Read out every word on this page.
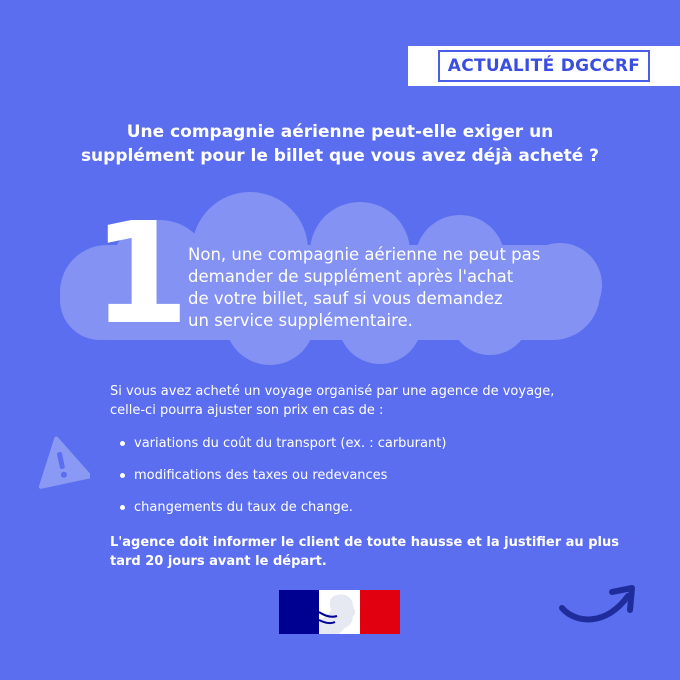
ACTUALITÉ DGCCRF
Une compagnie aérienne peut-elle exiger un
supplément pour le billet que vous avez déjà acheté ?
1
Non, une compagnie aérienne ne peut pas
demander de supplément après l'achat
de votre billet, sauf si vous demandez
un service supplémentaire.
Si vous avez acheté un voyage organisé par une agence de voyage,
celle-ci pourra ajuster son prix en cas de :
variations du coût du transport (ex. : carburant)
modifications des taxes ou redevances
changements du taux de change.
L'agence doit informer le client de toute hausse et la justifier au plus
tard 20 jours avant le départ.
